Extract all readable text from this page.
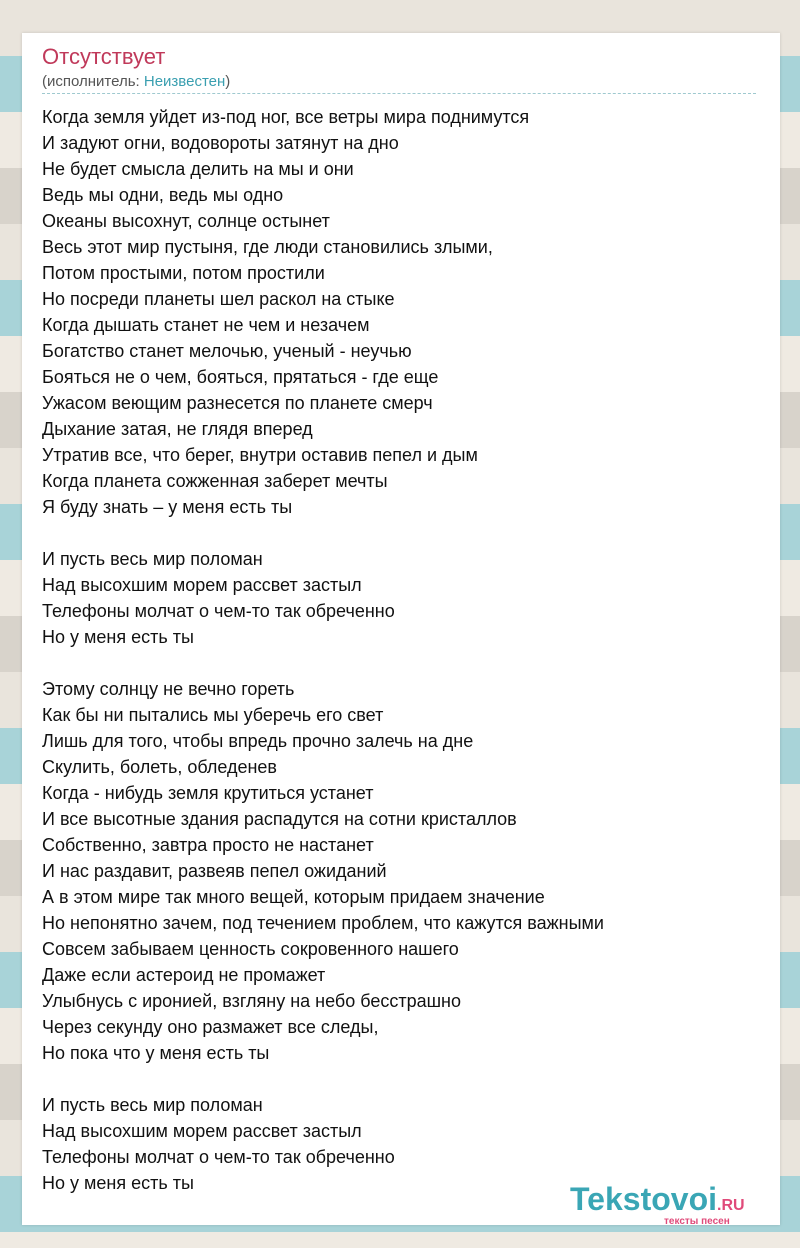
Отсутствует
(исполнитель: Неизвестен)
Когда земля уйдет из-под ног, все ветры мира поднимутся
И задуют огни, водовороты затянут на дно
Не будет смысла делить на мы и они
Ведь мы одни, ведь мы одно
Океаны высохнут, солнце остынет
Весь этот мир пустыня, где люди становились злыми,
Потом простыми, потом простили
Но посреди планеты шел раскол на стыке
Когда дышать станет не чем и незачем
Богатство станет мелочью, ученый - неучью
Бояться не о чем, бояться, прятаться - где еще
Ужасом веющим разнесется по планете смерч
Дыхание затая, не глядя вперед
Утратив все, что берег, внутри оставив пепел и дым
Когда планета сожженная заберет мечты
Я буду знать – у меня есть ты
И пусть весь мир поломан
Над высохшим морем рассвет застыл
Телефоны молчат о чем-то так обреченно
Но у меня есть ты
Этому солнцу не вечно гореть
Как бы ни пытались мы уберечь его свет
Лишь для того, чтобы впредь прочно залечь на дне
Скулить, болеть, обледенев
Когда - нибудь земля крутиться устанет
И все высотные здания распадутся на сотни кристаллов
Собственно, завтра просто не настанет
И нас раздавит, развеяв пепел ожиданий
А в этом мире так много вещей, которым придаем значение
Но непонятно зачем, под течением проблем, что кажутся важными
Совсем забываем ценность сокровенного нашего
Даже если астероид не промажет
Улыбнусь с иронией, взгляну на небо бесстрашно
Через секунду оно размажет все следы,
Но пока что у меня есть ты
И пусть весь мир поломан
Над высохшим морем рассвет застыл
Телефоны молчат о чем-то так обреченно
Но у меня есть ты	Tekstovoi.RU
тексты песен
